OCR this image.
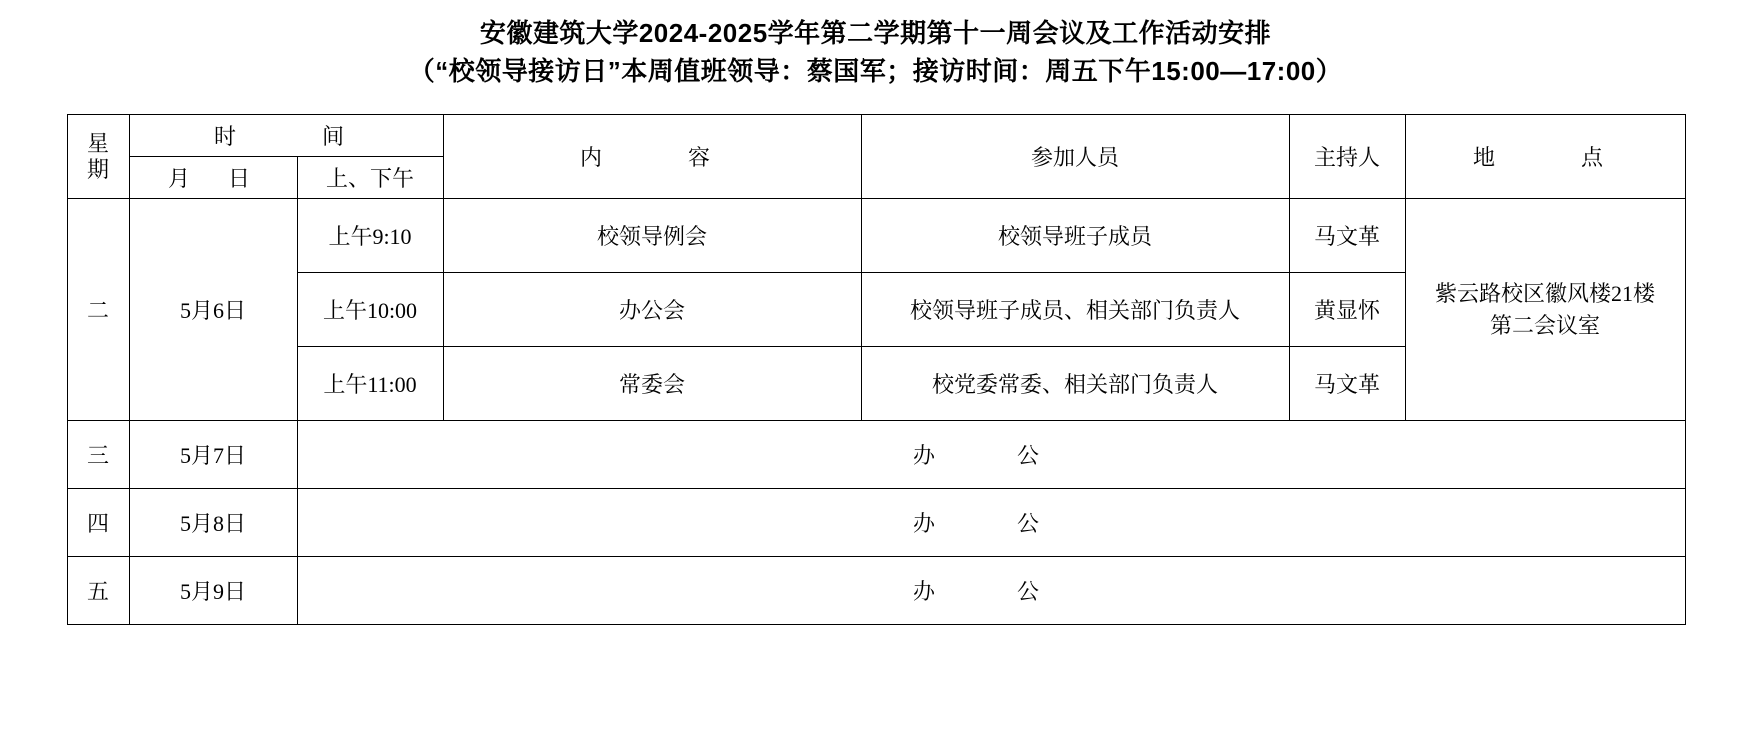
安徽建筑大学2024-2025学年第二学期第十一周会议及工作活动安排
（“校领导接访日”本周值班领导：蔡国军；接访时间：周五下午15:00—17:00）
星
期	时　　间		内　　容	参加人员	主持人	地　　点
	月　日	上、下午				
二	5月6日	上午9:10	校领导例会	校领导班子成员	马文革	紫云路校区徽风楼21楼
第二会议室

		上午10:00	办公会	校领导班子成员、相关部门负责人	黄显怀	
		上午11:00	常委会	校党委常委、相关部门负责人	马文革	
三	5月7日	办　公				
四	5月8日	办　公				
五	5月9日	办　公				
